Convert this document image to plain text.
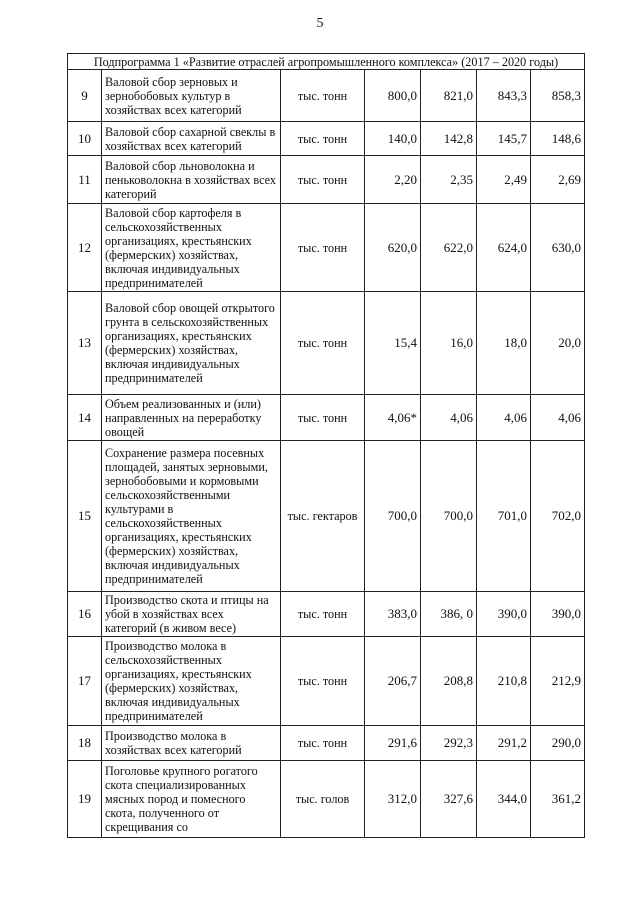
5
Подпрограмма 1 «Развитие отраслей агропромышленного комплекса» (2017 – 2020 годы)						
9	Валовой сбор зерновых и зернобобовых культур в хозяйствах всех категорий	тыс. тонн	800,0	821,0	843,3	858,3
10	Валовой сбор сахарной свеклы в хозяйствах всех категорий	тыс. тонн	140,0	142,8	145,7	148,6
11	Валовой сбор льноволокна и пеньковолокна в хозяйствах всех категорий	тыс. тонн	2,20	2,35	2,49	2,69
12	Валовой сбор картофеля в сельскохозяйственных организациях, крестьянских (фермерских) хозяйствах, включая индивидуальных предпринимателей	тыс. тонн	620,0	622,0	624,0	630,0
13	Валовой сбор овощей открытого грунта в сельскохозяйственных организациях, крестьянских (фермерских) хозяйствах, включая индивидуальных предпринимателей	тыс. тонн	15,4	16,0	18,0	20,0
14	Объем реализованных и (или) направленных на переработку овощей	тыс. тонн	4,06*	4,06	4,06	4,06
15	Сохранение размера посевных площадей, занятых зерновыми, зернобобовыми и кормовыми сельскохозяйственными культурами в сельскохозяйственных организациях, крестьянских (фермерских) хозяйствах, включая индивидуальных предпринимателей	тыс. гектаров	700,0	700,0	701,0	702,0
16	Производство скота и птицы на убой в хозяйствах всех категорий (в живом весе)	тыс. тонн	383,0	386, 0	390,0	390,0
17	Производство молока в сельскохозяйственных организациях, крестьянских (фермерских) хозяйствах, включая индивидуальных предпринимателей	тыс. тонн	206,7	208,8	210,8	212,9
18	Производство молока в хозяйствах всех категорий	тыс. тонн	291,6	292,3	291,2	290,0
19	Поголовье крупного рогатого скота специализированных мясных пород и помесного скота, полученного от скрещивания со	тыс. голов	312,0	327,6	344,0	361,2
